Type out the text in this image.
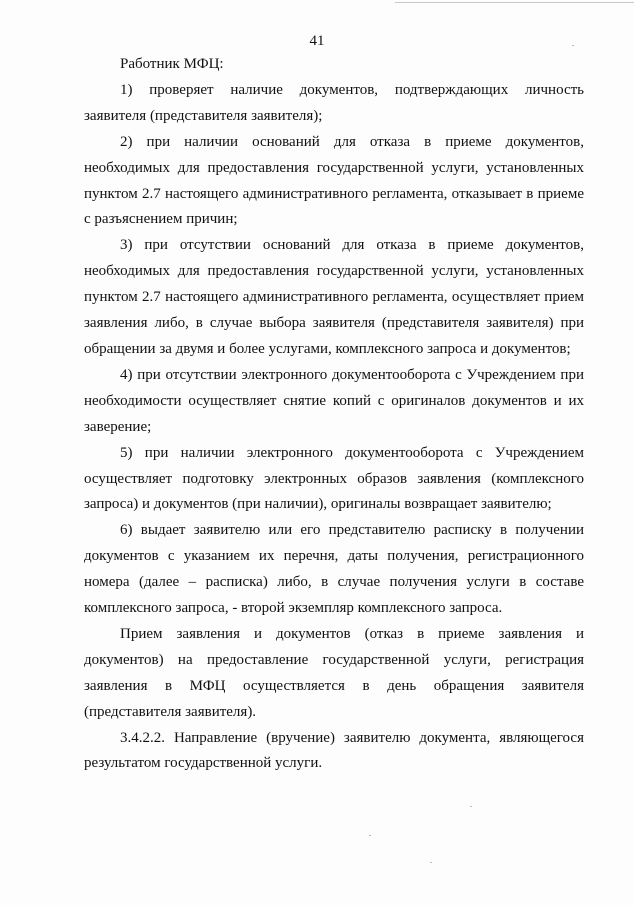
41

Работник МФЦ:

1) проверяет наличие документов, подтверждающих личность заявителя (представителя заявителя);

2) при наличии оснований для отказа в приеме документов, необходимых для предоставления государственной услуги, установленных пунктом 2.7 настоящего административного регламента, отказывает в приеме с разъяснением причин;

3) при отсутствии оснований для отказа в приеме документов, необходимых для предоставления государственной услуги, установленных пунктом 2.7 настоящего административного регламента, осуществляет прием заявления либо, в случае выбора заявителя (представителя заявителя) при обращении за двумя и более услугами, комплексного запроса и документов;

4) при отсутствии электронного документооборота с Учреждением при необходимости осуществляет снятие копий с оригиналов документов и их заверение;

5) при наличии электронного документооборота с Учреждением осуществляет подготовку электронных образов заявления (комплексного запроса) и документов (при наличии), оригиналы возвращает заявителю;

6) выдает заявителю или его представителю расписку в получении документов с указанием их перечня, даты получения, регистрационного номера (далее – расписка) либо, в случае получения услуги в составе комплексного запроса, - второй экземпляр комплексного запроса.

Прием заявления и документов (отказ в приеме заявления и документов) на предоставление государственной услуги, регистрация заявления в МФЦ осуществляется в день обращения заявителя (представителя заявителя).

3.4.2.2. Направление (вручение) заявителю документа, являющегося результатом государственной услуги.
